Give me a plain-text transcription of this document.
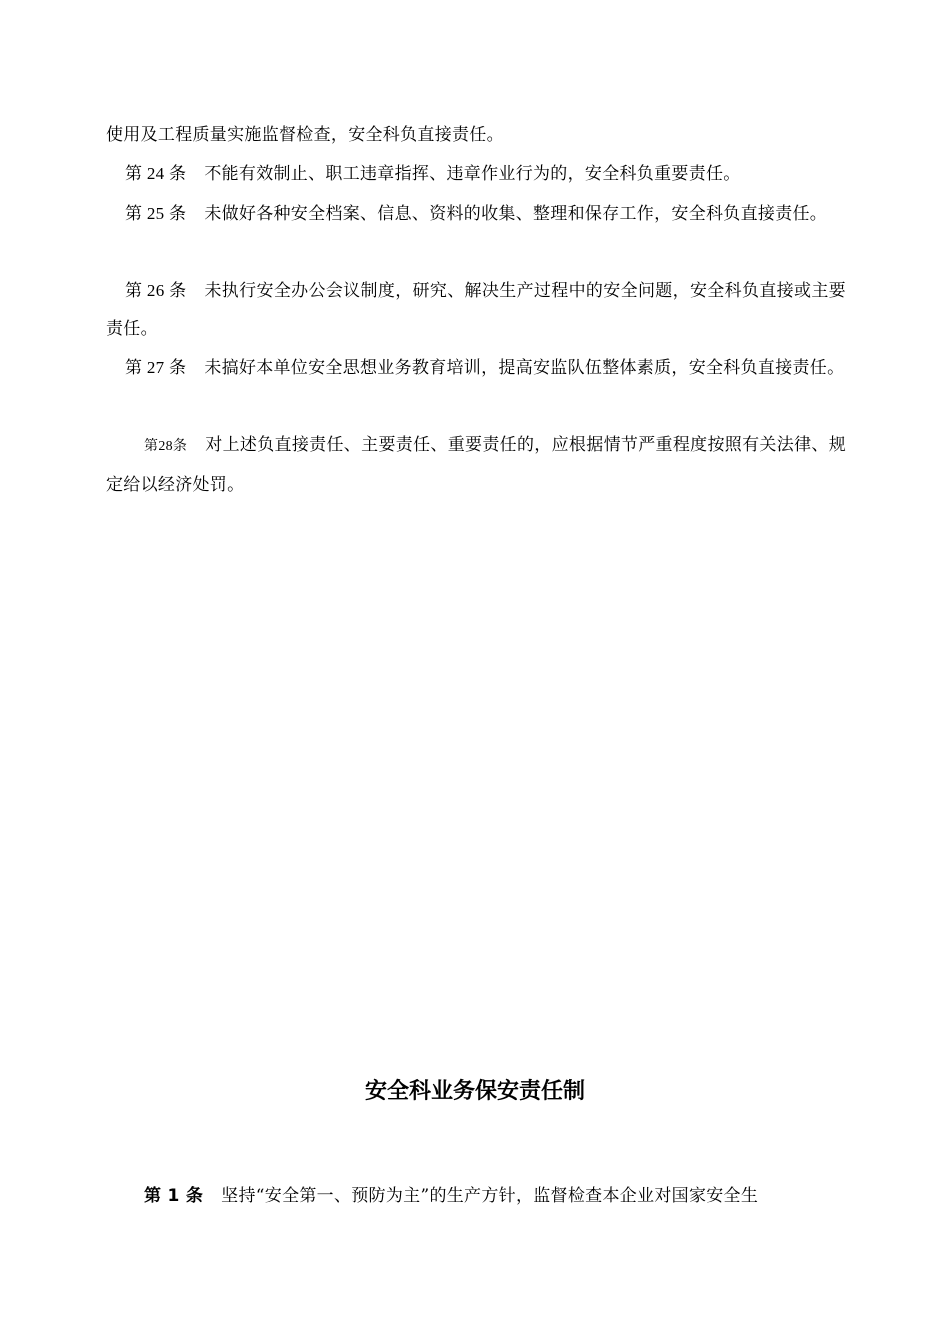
使用及工程质量实施监督检查，安全科负直接责任。

第 24 条 不能有效制止、职工违章指挥、违章作业行为的，安全科负重要责任。

第 25 条 未做好各种安全档案、信息、资料的收集、整理和保存工作，安全科负直接责任。

第 26 条 未执行安全办公会议制度，研究、解决生产过程中的安全问题，安全科负直接或主要责任。

第 27 条 未搞好本单位安全思想业务教育培训，提高安监队伍整体素质，安全科负直接责任。

第28条 对上述负直接责任、主要责任、重要责任的，应根据情节严重程度按照有关法律、规定给以经济处罚。

安全科业务保安责任制

第 1 条 坚持“安全第一、预防为主”的生产方针，监督检查本企业对国家安全生
